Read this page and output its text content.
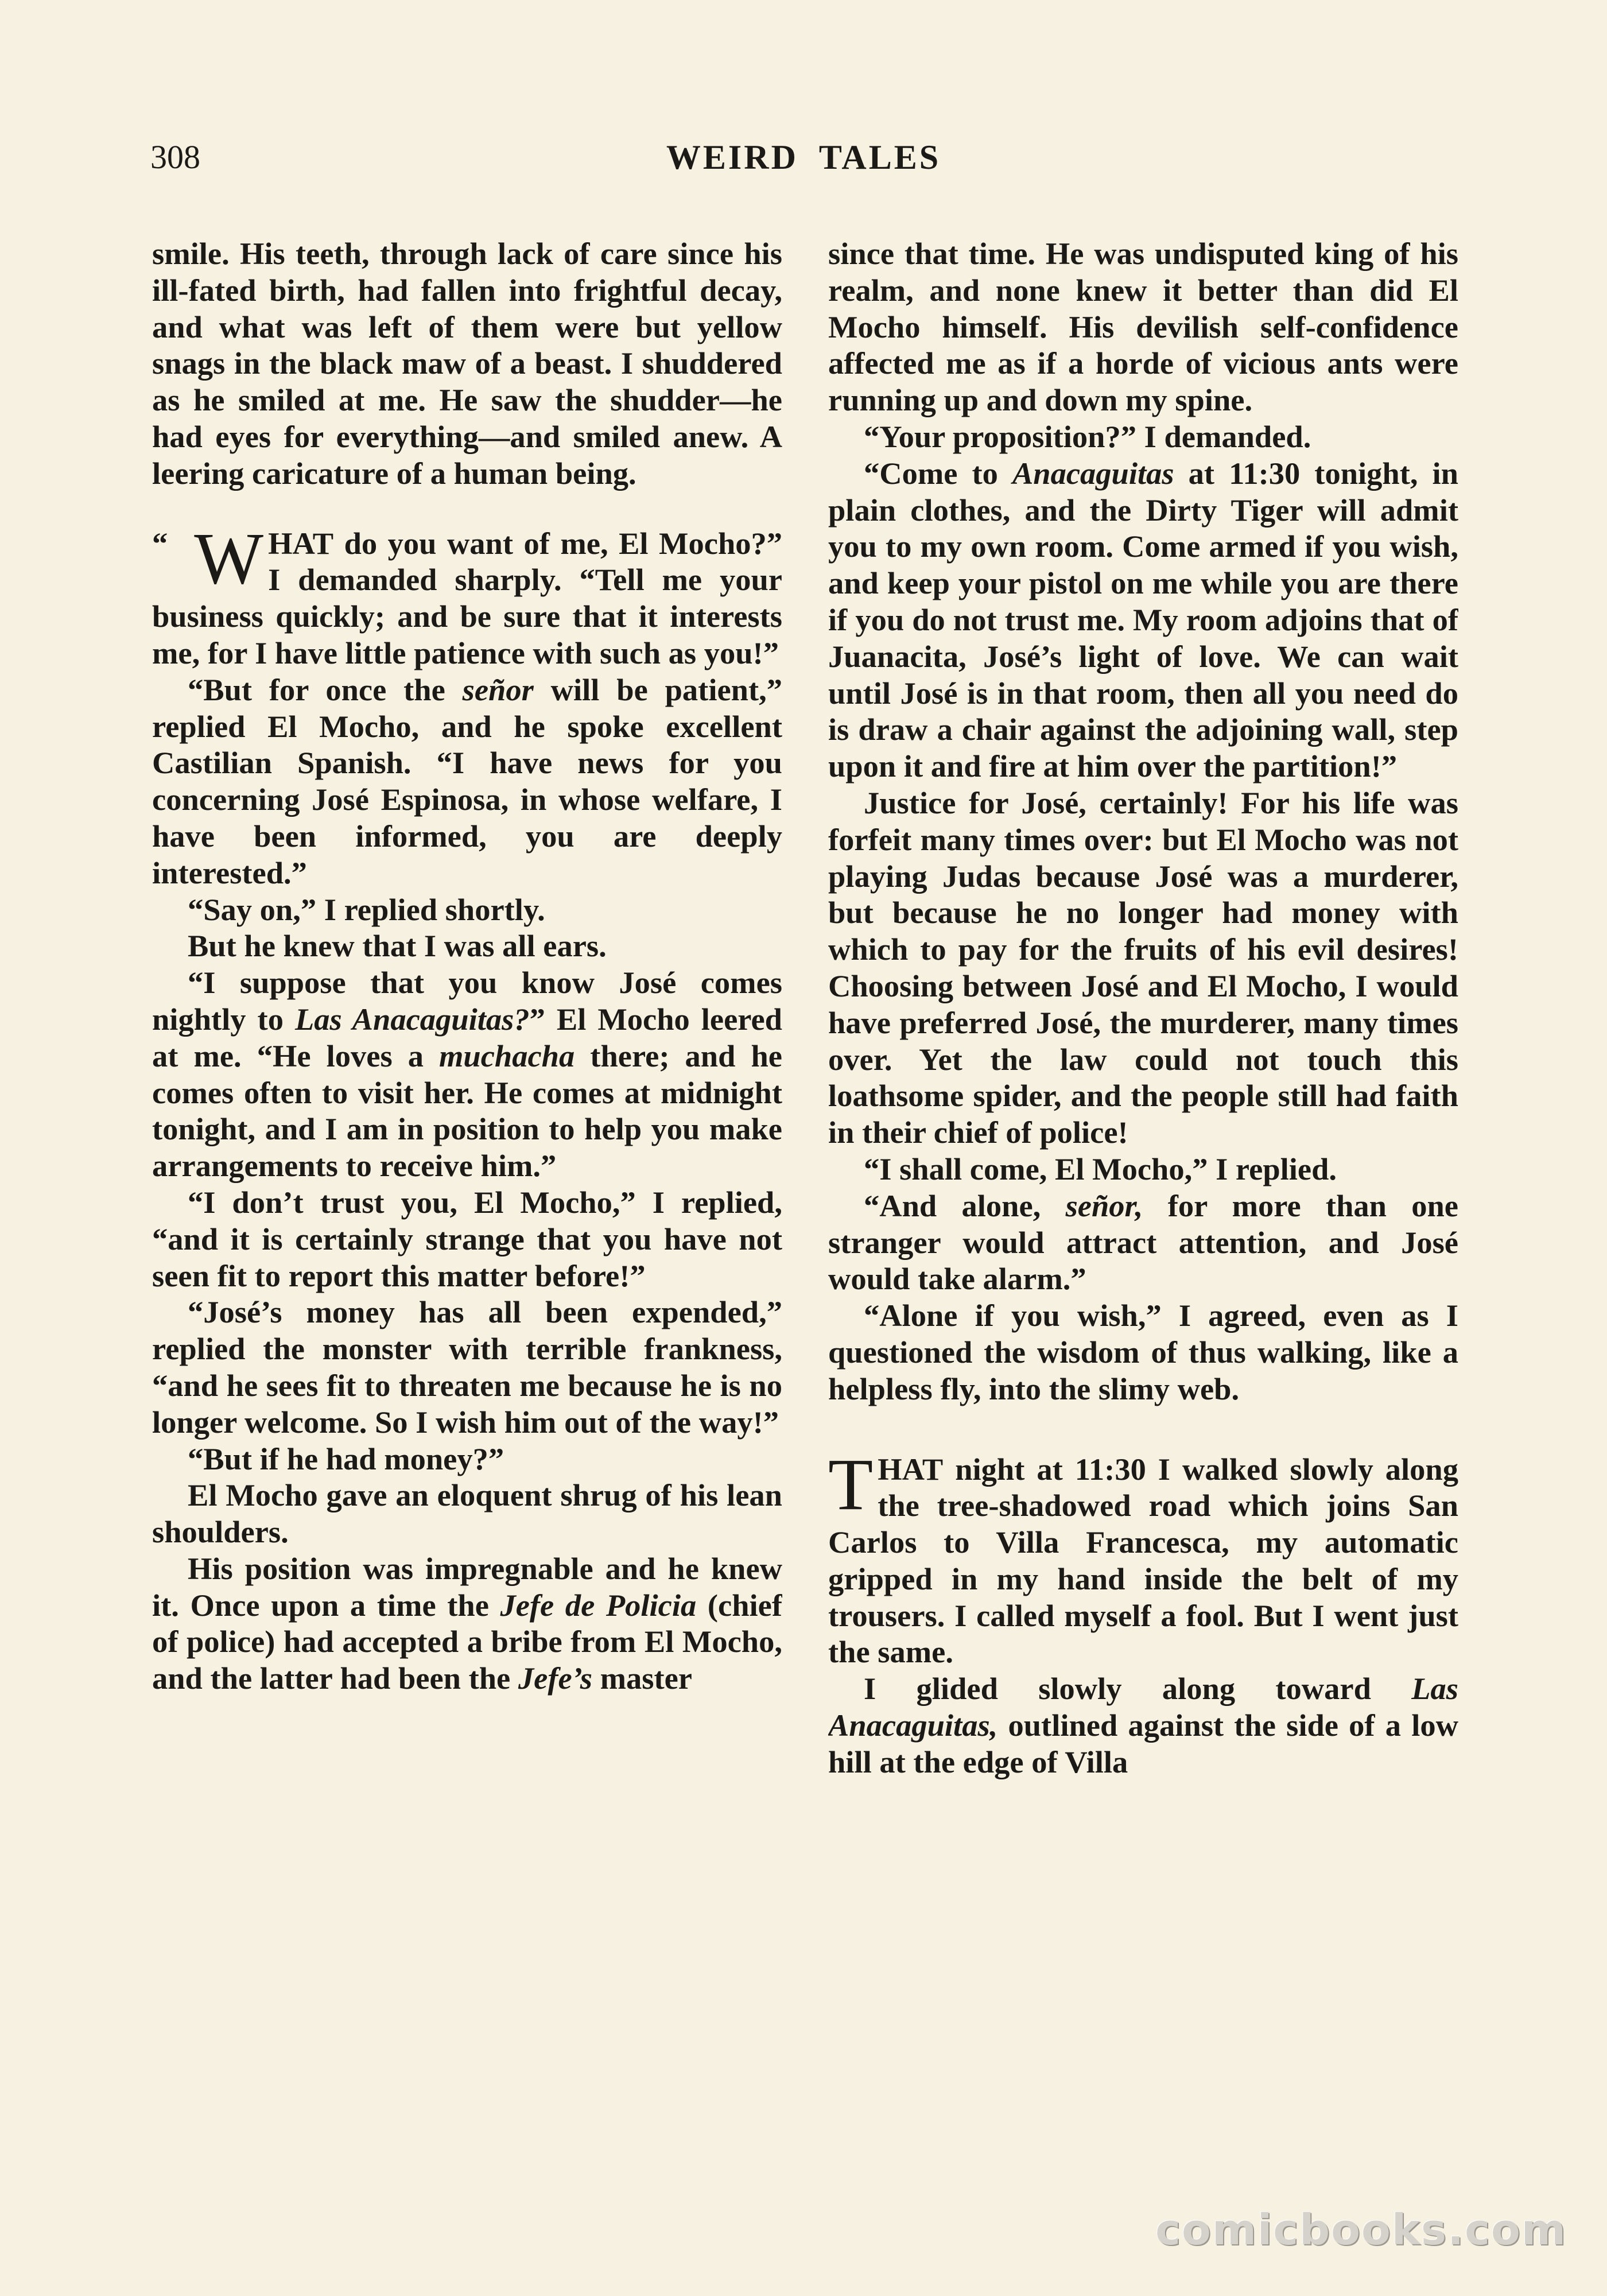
308	WEIRD TALES

smile. His teeth, through lack of care since his ill-fated birth, had fallen into frightful decay, and what was left of them were but yellow snags in the black maw of a beast. I shuddered as he smiled at me. He saw the shudder—he had eyes for everything—and smiled anew. A leering caricature of a human being.

“ W HAT do you want of me, El Mocho?” I demanded sharply. “Tell me your business quickly; and be sure that it interests me, for I have little patience with such as you!”

“But for once the señor will be patient,” replied El Mocho, and he spoke excellent Castilian Spanish. “I have news for you concerning José Espinosa, in whose welfare, I have been informed, you are deeply interested.”

“Say on,” I replied shortly.

But he knew that I was all ears.

“I suppose that you know José comes nightly to Las Anacaguitas?” El Mocho leered at me. “He loves a muchacha there; and he comes often to visit her. He comes at midnight tonight, and I am in position to help you make arrangements to receive him.”

“I don’t trust you, El Mocho,” I replied, “and it is certainly strange that you have not seen fit to report this matter before!”

“José’s money has all been expended,” replied the monster with terrible frankness, “and he sees fit to threaten me because he is no longer welcome. So I wish him out of the way!”

“But if he had money?”

El Mocho gave an eloquent shrug of his lean shoulders.

His position was impregnable and he knew it. Once upon a time the Jefe de Policia (chief of police) had accepted a bribe from El Mocho, and the latter had been the Jefe’s master

since that time. He was undisputed king of his realm, and none knew it better than did El Mocho himself. His devilish self-confidence affected me as if a horde of vicious ants were running up and down my spine.

“Your proposition?” I demanded.

“Come to Anacaguitas at 11:30 tonight, in plain clothes, and the Dirty Tiger will admit you to my own room. Come armed if you wish, and keep your pistol on me while you are there if you do not trust me. My room adjoins that of Juanacita, José’s light of love. We can wait until José is in that room, then all you need do is draw a chair against the adjoining wall, step upon it and fire at him over the partition!”

Justice for José, certainly! For his life was forfeit many times over: but El Mocho was not playing Judas because José was a murderer, but because he no longer had money with which to pay for the fruits of his evil desires! Choosing between José and El Mocho, I would have preferred José, the murderer, many times over. Yet the law could not touch this loathsome spider, and the people still had faith in their chief of police!

“I shall come, El Mocho,” I replied.

“And alone, señor, for more than one stranger would attract attention, and José would take alarm.”

“Alone if you wish,” I agreed, even as I questioned the wisdom of thus walking, like a helpless fly, into the slimy web.

THAT night at 11:30 I walked slowly along the tree-shadowed road which joins San Carlos to Villa Francesca, my automatic gripped in my hand inside the belt of my trousers. I called myself a fool. But I went just the same.

I glided slowly along toward Las Anacaguitas, outlined against the side of a low hill at the edge of Villa

comicbooks.com
